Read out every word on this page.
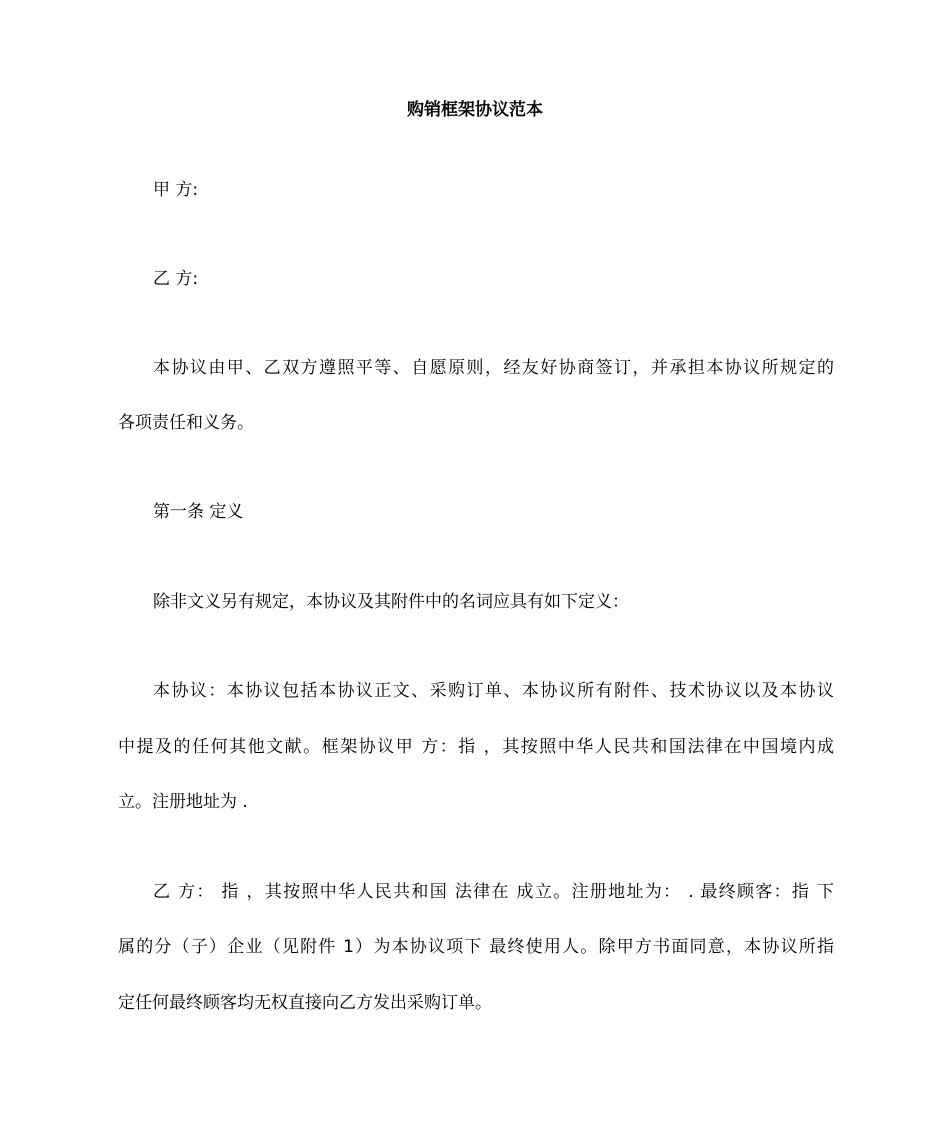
购销框架协议范本
甲 方:
乙 方:
本协议由甲、乙双方遵照平等、自愿原则，经友好协商签订，并承担本协议所规定的
各项责任和义务。
第一条 定义
除非文义另有规定，本协议及其附件中的名词应具有如下定义：
本协议：本协议包括本协议正文、采购订单、本协议所有附件、技术协议以及本协议
中提及的任何其他文献。框架协议甲 方：指 ，其按照中华人民共和国法律在中国境内成
立。注册地址为 .
乙 方： 指 ，其按照中华人民共和国 法律在 成立。注册地址为： . 最终顾客：指 下
属的分（子）企业（见附件 1）为本协议项下 最终使用人。除甲方书面同意，本协议所指
定任何最终顾客均无权直接向乙方发出采购订单。
